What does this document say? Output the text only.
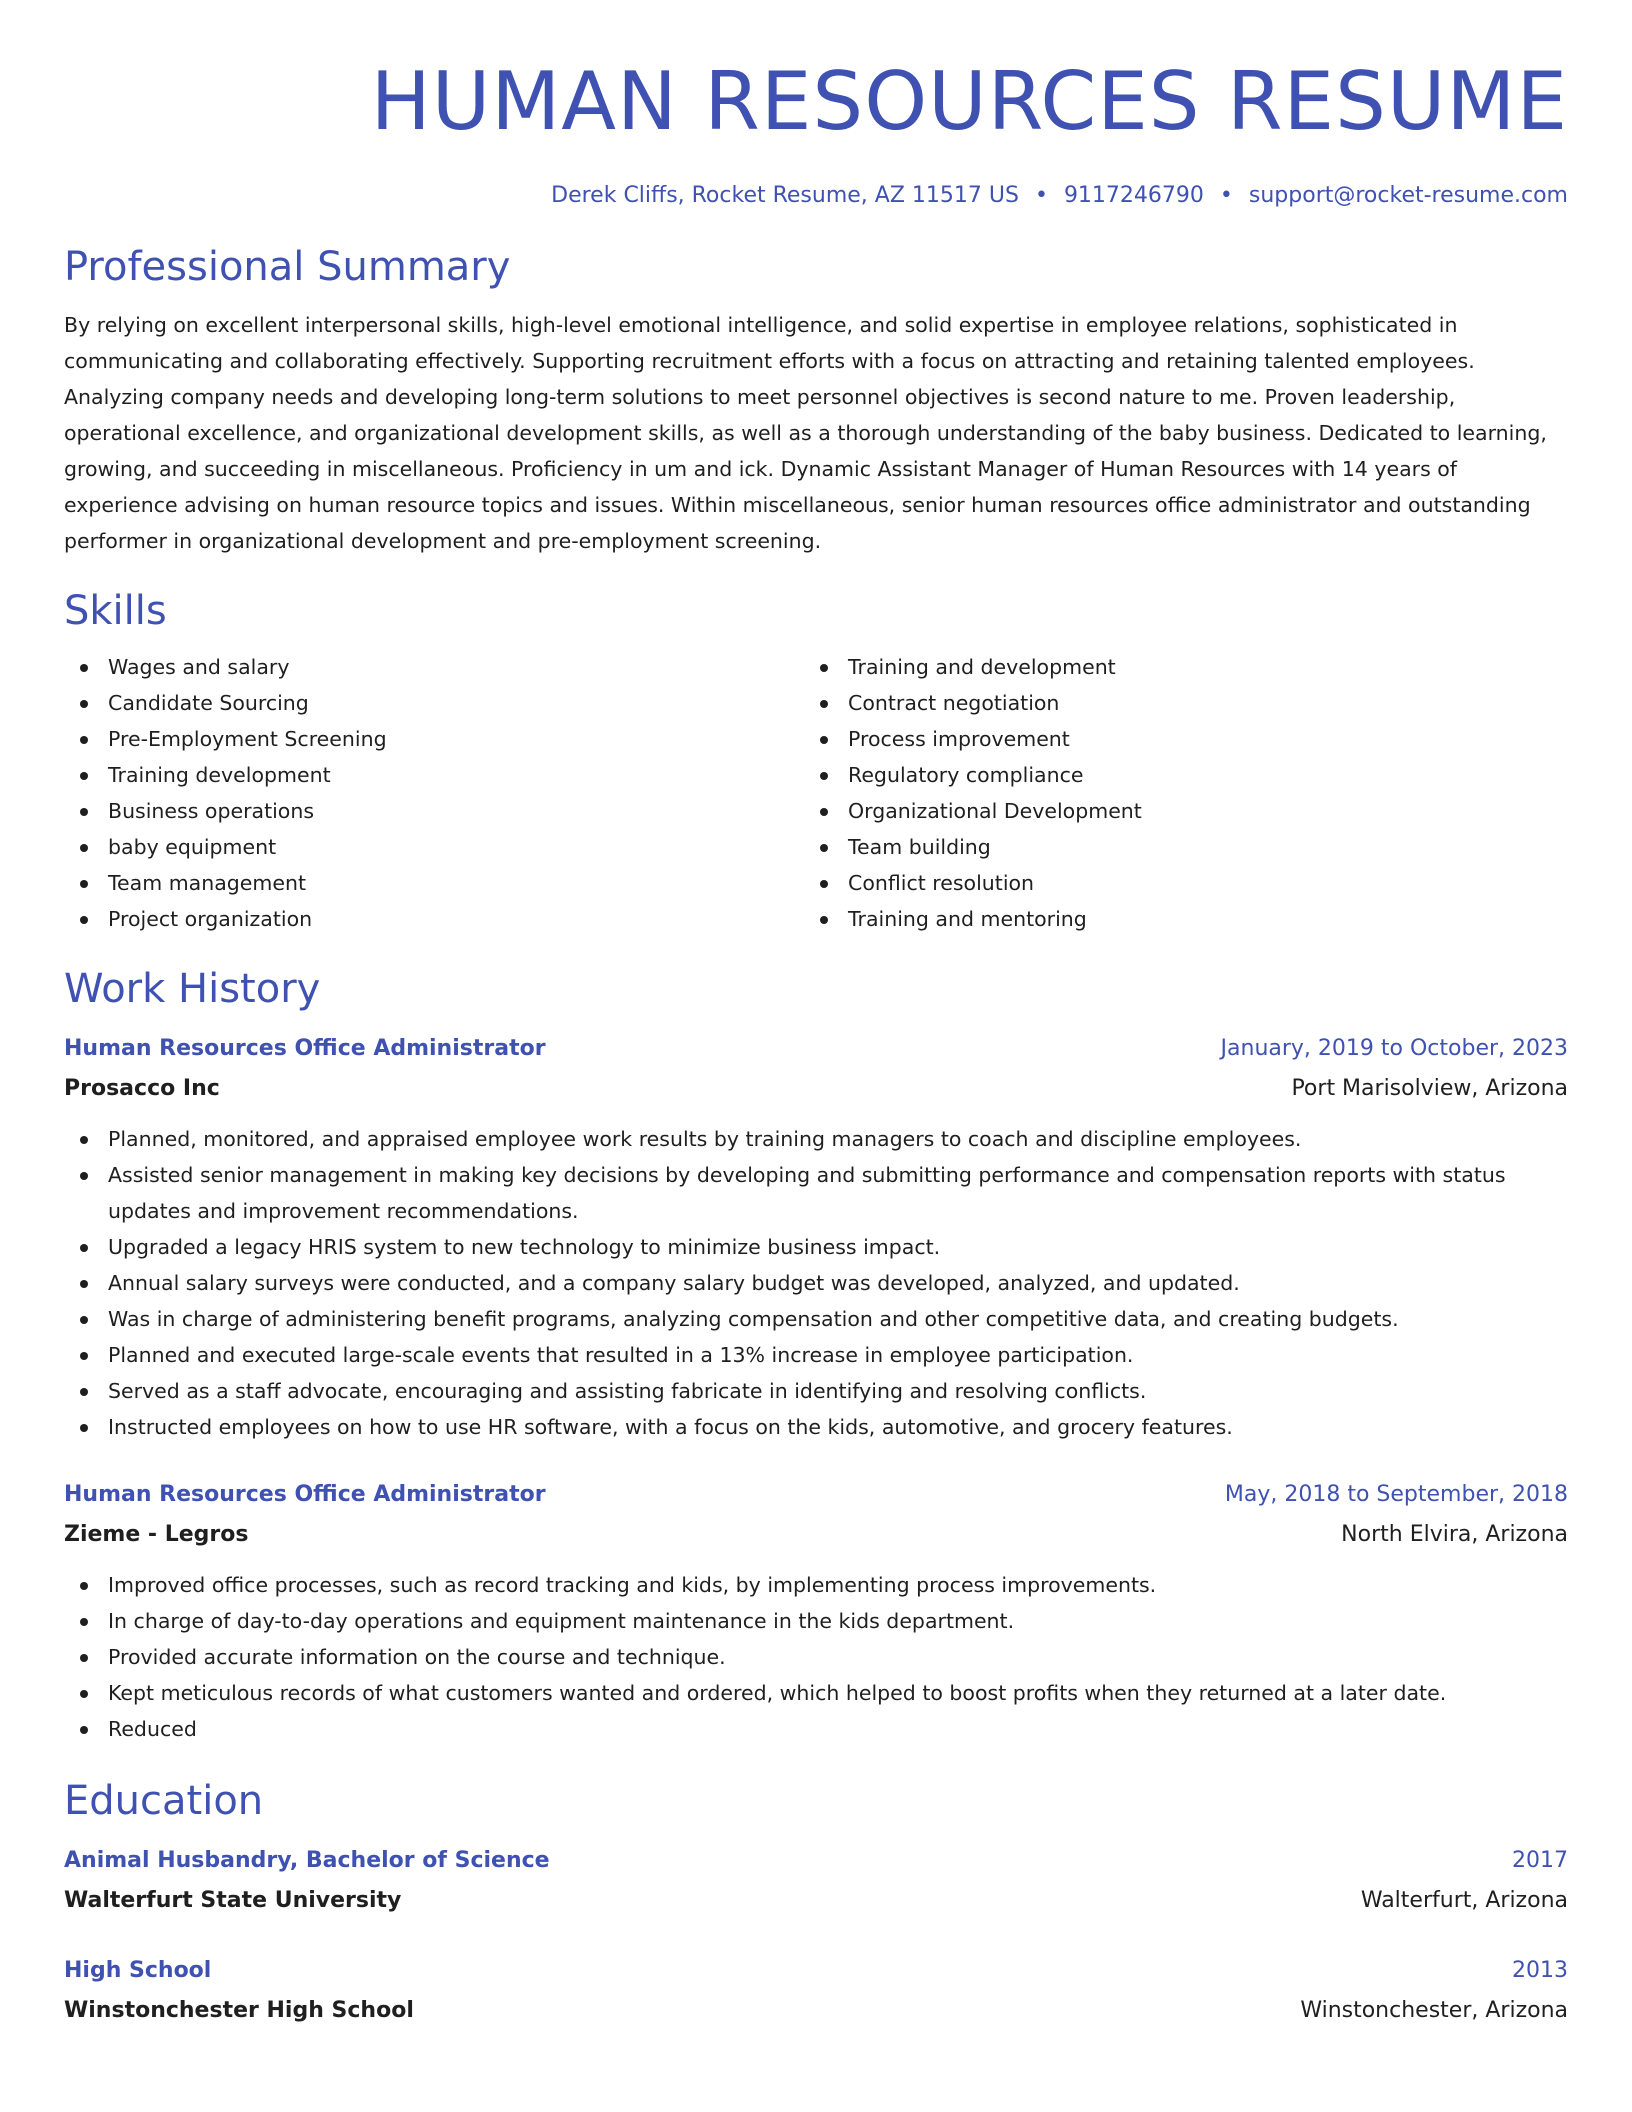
HUMAN RESOURCES RESUME
Derek Cliffs, Rocket Resume, AZ 11517 US • 9117246790 • support@rocket-resume.com
Professional Summary

By relying on excellent interpersonal skills, high-level emotional intelligence, and solid expertise in employee relations, sophisticated in communicating and collaborating effectively. Supporting recruitment efforts with a focus on attracting and retaining talented employees. Analyzing company needs and developing long-term solutions to meet personnel objectives is second nature to me. Proven leadership, operational excellence, and organizational development skills, as well as a thorough understanding of the baby business. Dedicated to learning, growing, and succeeding in miscellaneous. Proficiency in um and ick. Dynamic Assistant Manager of Human Resources with 14 years of experience advising on human resource topics and issues. Within miscellaneous, senior human resources office administrator and outstanding performer in organizational development and pre-employment screening.

Skills
Wages and salary
Candidate Sourcing
Pre-Employment Screening
Training development
Business operations
baby equipment
Team management
Project organization
Training and development
Contract negotiation
Process improvement
Regulatory compliance
Organizational Development
Team building
Conflict resolution
Training and mentoring
Work History
Human Resources Office Administrator	January, 2019 to October, 2023
Prosacco Inc	Port Marisolview, Arizona
Planned, monitored, and appraised employee work results by training managers to coach and discipline employees.
Assisted senior management in making key decisions by developing and submitting performance and compensation reports with status updates and improvement recommendations.
Upgraded a legacy HRIS system to new technology to minimize business impact.
Annual salary surveys were conducted, and a company salary budget was developed, analyzed, and updated.
Was in charge of administering benefit programs, analyzing compensation and other competitive data, and creating budgets.
Planned and executed large-scale events that resulted in a 13% increase in employee participation.
Served as a staff advocate, encouraging and assisting fabricate in identifying and resolving conflicts.
Instructed employees on how to use HR software, with a focus on the kids, automotive, and grocery features.
Human Resources Office Administrator	May, 2018 to September, 2018
Zieme - Legros	North Elvira, Arizona
Improved office processes, such as record tracking and kids, by implementing process improvements.
In charge of day-to-day operations and equipment maintenance in the kids department.
Provided accurate information on the course and technique.
Kept meticulous records of what customers wanted and ordered, which helped to boost profits when they returned at a later date.
Reduced
Education
Animal Husbandry, Bachelor of Science	2017
Walterfurt State University	Walterfurt, Arizona
High School	2013
Winstonchester High School	Winstonchester, Arizona
